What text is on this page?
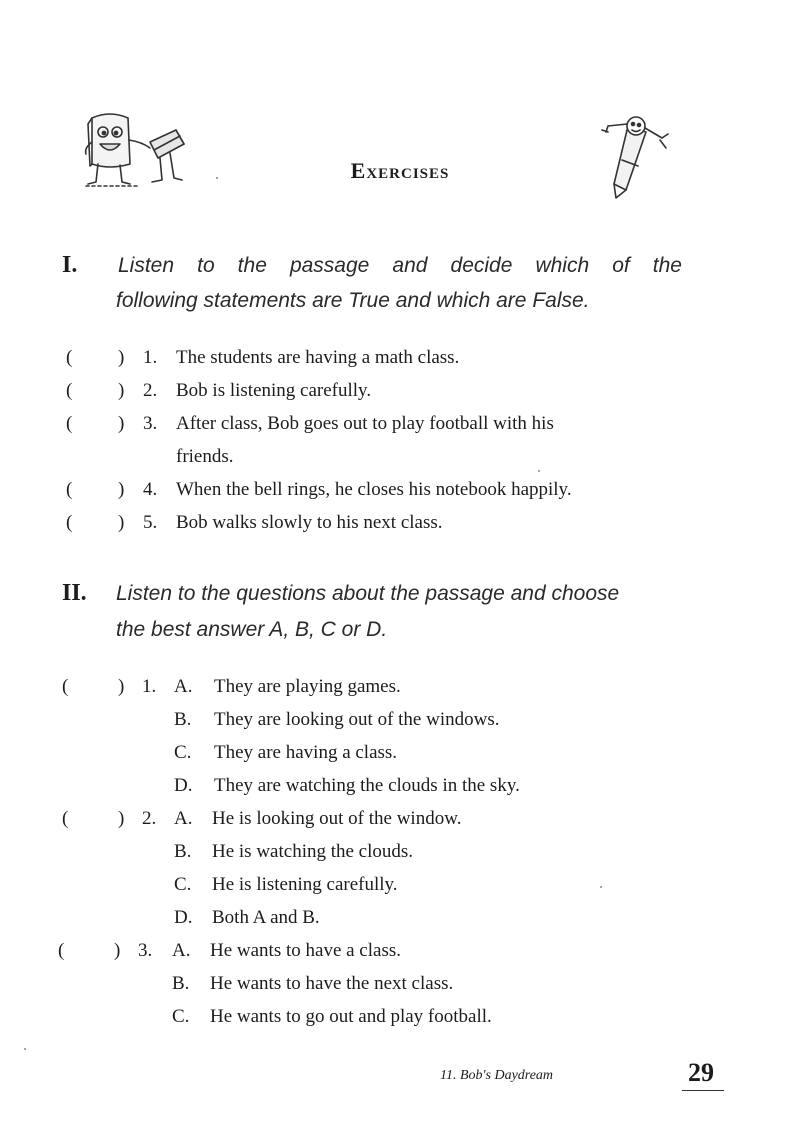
Exercises
I. Listen to the passage and decide which of the
following statements are True and which are False.
( ) 1. The students are having a math class.
( ) 2. Bob is listening carefully.
( ) 3. After class, Bob goes out to play football with his
friends.
( ) 4. When the bell rings, he closes his notebook happily.
( ) 5. Bob walks slowly to his next class.
II. Listen to the questions about the passage and choose
the best answer A, B, C or D.
(	) 1. A. They are playing games.
B. They are looking out of the windows.
C. They are having a class.
D. They are watching the clouds in the sky.
(	) 2. A. He is looking out of the window.
B. He is watching the clouds.
C. He is listening carefully.
D. Both A and B.
(	) 3. A. He wants to have a class.
B. He wants to have the next class.
C. He wants to go out and play football.
11. Bob's Daydream	29
